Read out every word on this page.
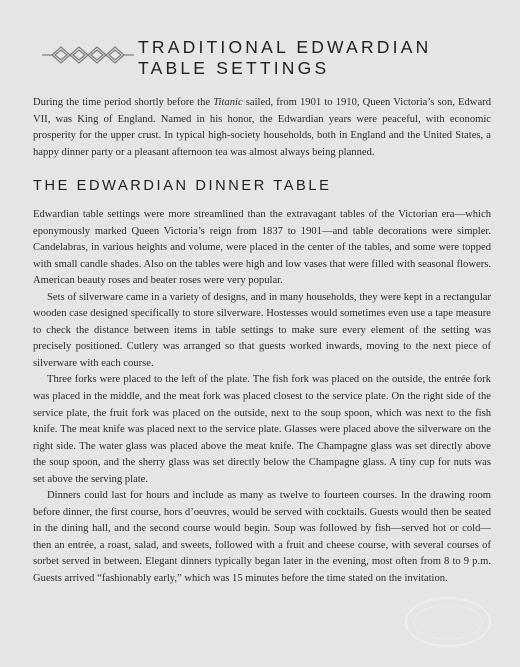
TRADITIONAL EDWARDIAN
TABLE SETTINGS
During the time period shortly before the Titanic sailed, from 1901 to 1910, Queen Victoria’s son, Edward VII, was King of England. Named in his honor, the Edwardian years were peaceful, with economic prosperity for the upper crust. In typical high-society households, both in England and the United States, a happy dinner party or a pleasant afternoon tea was almost always being planned.
THE EDWARDIAN DINNER TABLE

Edwardian table settings were more streamlined than the extravagant tables of the Victorian era—which eponymously marked Queen Victoria’s reign from 1837 to 1901—and table decorations were simpler. Candelabras, in various heights and volume, were placed in the center of the tables, and some were topped with small candle shades. Also on the tables were high and low vases that were filled with seasonal flowers. American beauty roses and beater roses were very popular.

Sets of silverware came in a variety of designs, and in many households, they were kept in a rectangular wooden case designed specifically to store silverware. Hostesses would sometimes even use a tape measure to check the distance between items in table settings to make sure every element of the setting was precisely positioned. Cutlery was arranged so that guests worked inwards, moving to the next piece of silverware with each course.

Three forks were placed to the left of the plate. The fish fork was placed on the outside, the entrée fork was placed in the middle, and the meat fork was placed closest to the service plate. On the right side of the service plate, the fruit fork was placed on the outside, next to the soup spoon, which was next to the fish knife. The meat knife was placed next to the service plate. Glasses were placed above the silverware on the right side. The water glass was placed above the meat knife. The Champagne glass was set directly above the soup spoon, and the sherry glass was set directly below the Champagne glass. A tiny cup for nuts was set above the serving plate.

Dinners could last for hours and include as many as twelve to fourteen courses. In the drawing room before dinner, the first course, hors d’oeuvres, would be served with cocktails. Guests would then be seated in the dining hall, and the second course would begin. Soup was followed by fish—served hot or cold—then an entrée, a roast, salad, and sweets, followed with a fruit and cheese course, with several courses of sorbet served in between. Elegant dinners typically began later in the evening, most often from 8 to 9 p.m. Guests arrived “fashionably early,” which was 15 minutes before the time stated on the invitation.
